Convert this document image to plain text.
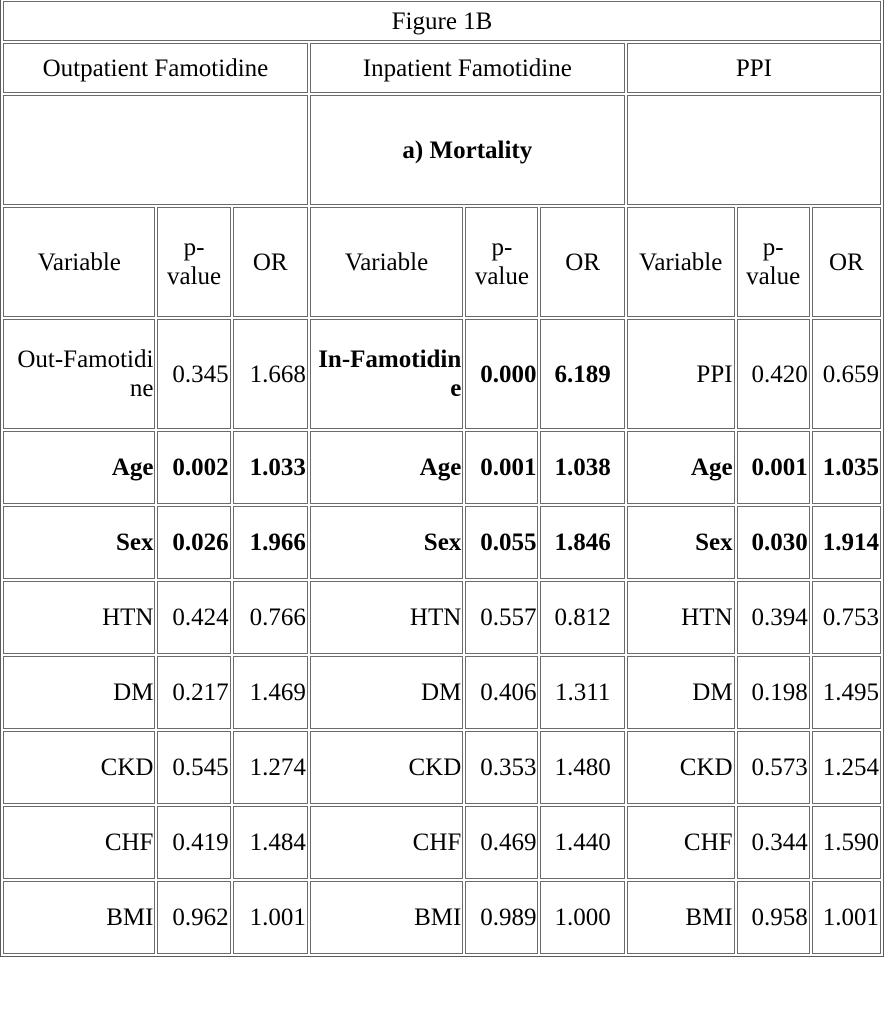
Figure 1B								
Outpatient Famotidine			Inpatient Famotidine			PPI		
			a) Mortality					
Variable	p-value	OR	Variable	p-value	OR	Variable	p-value	OR
Out-Famotidine	0.345	1.668	In-Famotidine	0.000	6.189	PPI	0.420	0.659
Age	0.002	1.033	Age	0.001	1.038	Age	0.001	1.035
Sex	0.026	1.966	Sex	0.055	1.846	Sex	0.030	1.914
HTN	0.424	0.766	HTN	0.557	0.812	HTN	0.394	0.753
DM	0.217	1.469	DM	0.406	1.311	DM	0.198	1.495
CKD	0.545	1.274	CKD	0.353	1.480	CKD	0.573	1.254
CHF	0.419	1.484	CHF	0.469	1.440	CHF	0.344	1.590
BMI	0.962	1.001	BMI	0.989	1.000	BMI	0.958	1.001
